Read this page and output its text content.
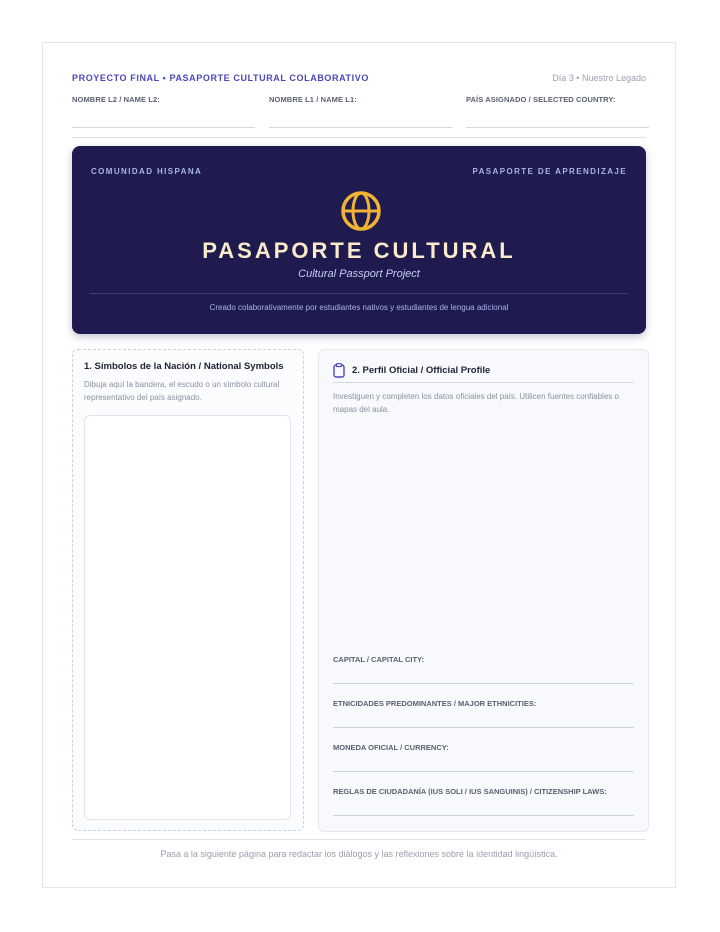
PROYECTO FINAL • PASAPORTE CULTURAL COLABORATIVO	Día 3 • Nuestro Legado
NOMBRE L2 / NAME L2:	NOMBRE L1 / NAME L1:	PAÍS ASIGNADO / SELECTED COUNTRY:
COMUNIDAD HISPANA	PASAPORTE DE APRENDIZAJE
PASAPORTE CULTURAL
Cultural Passport Project
Creado colaborativamente por estudiantes nativos y estudiantes de lengua adicional
1. Símbolos de la Nación / National Symbols
Dibuja aquí la bandera, el escudo o un símbolo cultural representativo del país asignado.
2. Perfil Oficial / Official Profile
Investiguen y completen los datos oficiales del país. Utilicen fuentes confiables o mapas del aula.
CAPITAL / CAPITAL CITY:
ETNICIDADES PREDOMINANTES / MAJOR ETHNICITIES:
MONEDA OFICIAL / CURRENCY:
REGLAS DE CIUDADANÍA (IUS SOLI / IUS SANGUINIS) / CITIZENSHIP LAWS:
Pasa a la siguiente página para redactar los diálogos y las reflexiones sobre la identidad lingüística.
